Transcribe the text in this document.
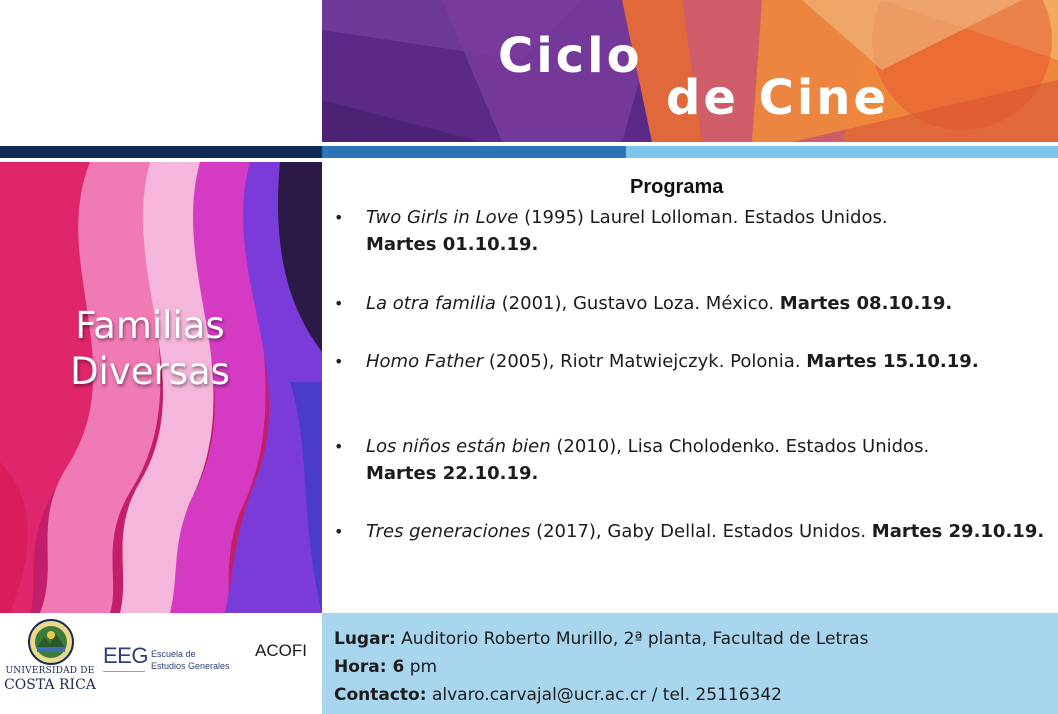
Ciclo
de Cine
Familias
Diversas
Programa
• Two Girls in Love (1995) Laurel Lolloman. Estados Unidos.
Martes 01.10.19.
• La otra familia (2001), Gustavo Loza. México. Martes 08.10.19.
• Homo Father (2005), Riotr Matwiejczyk. Polonia. Martes 15.10.19.
• Los niños están bien (2010), Lisa Cholodenko. Estados Unidos.
Martes 22.10.19.
• Tres generaciones (2017), Gaby Dellal. Estados Unidos. Martes 29.10.19.
UNIVERSIDAD DE
COSTA RICA
EEG Escuela de
Estudios Generales
ACOFI
Lugar: Auditorio Roberto Murillo, 2ª planta, Facultad de Letras
Hora: 6 pm
Contacto: alvaro.carvajal@ucr.ac.cr / tel. 25116342
